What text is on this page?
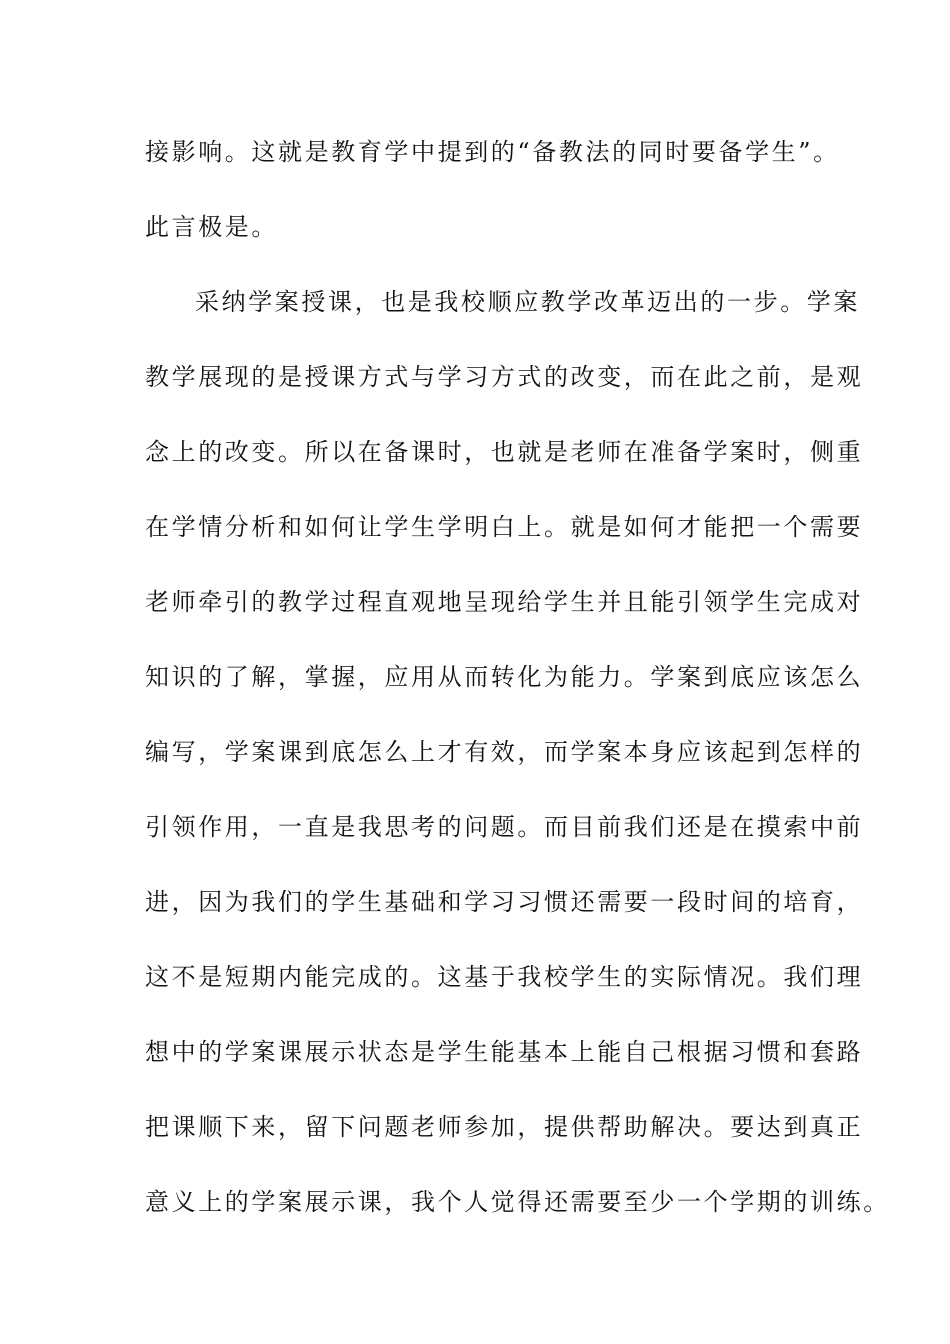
接影响。这就是教育学中提到的“备教法的同时要备学生”。
此言极是。
采纳学案授课，也是我校顺应教学改革迈出的一步。学案
教学展现的是授课方式与学习方式的改变，而在此之前，是观
念上的改变。所以在备课时，也就是老师在准备学案时，侧重
在学情分析和如何让学生学明白上。就是如何才能把一个需要
老师牵引的教学过程直观地呈现给学生并且能引领学生完成对
知识的了解，掌握，应用从而转化为能力。学案到底应该怎么
编写，学案课到底怎么上才有效，而学案本身应该起到怎样的
引领作用，一直是我思考的问题。而目前我们还是在摸索中前
进，因为我们的学生基础和学习习惯还需要一段时间的培育，
这不是短期内能完成的。这基于我校学生的实际情况。我们理
想中的学案课展示状态是学生能基本上能自己根据习惯和套路
把课顺下来，留下问题老师参加，提供帮助解决。要达到真正
意义上的学案展示课，我个人觉得还需要至少一个学期的训练。
